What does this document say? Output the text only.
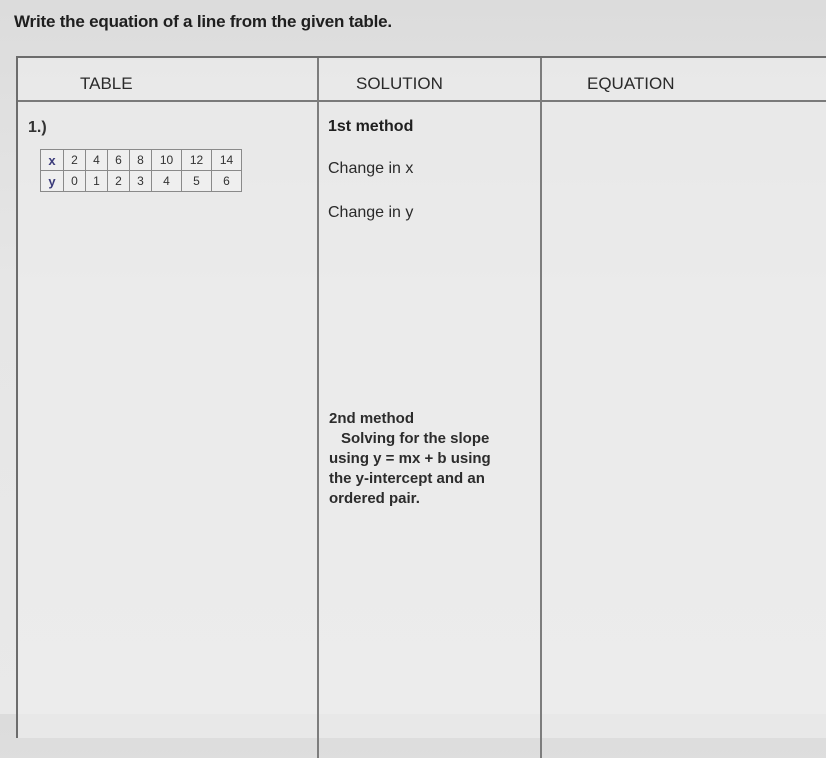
Write the equation of a line from the given table.
TABLE	SOLUTION	EQUATION
1.)
x	2	4	6	8	10	12	14
y	0	1	2	3	4	5	6
1st method
Change in x
Change in y
2nd method
Solving for the slope
using y = mx + b using
the y-intercept and an
ordered pair.
